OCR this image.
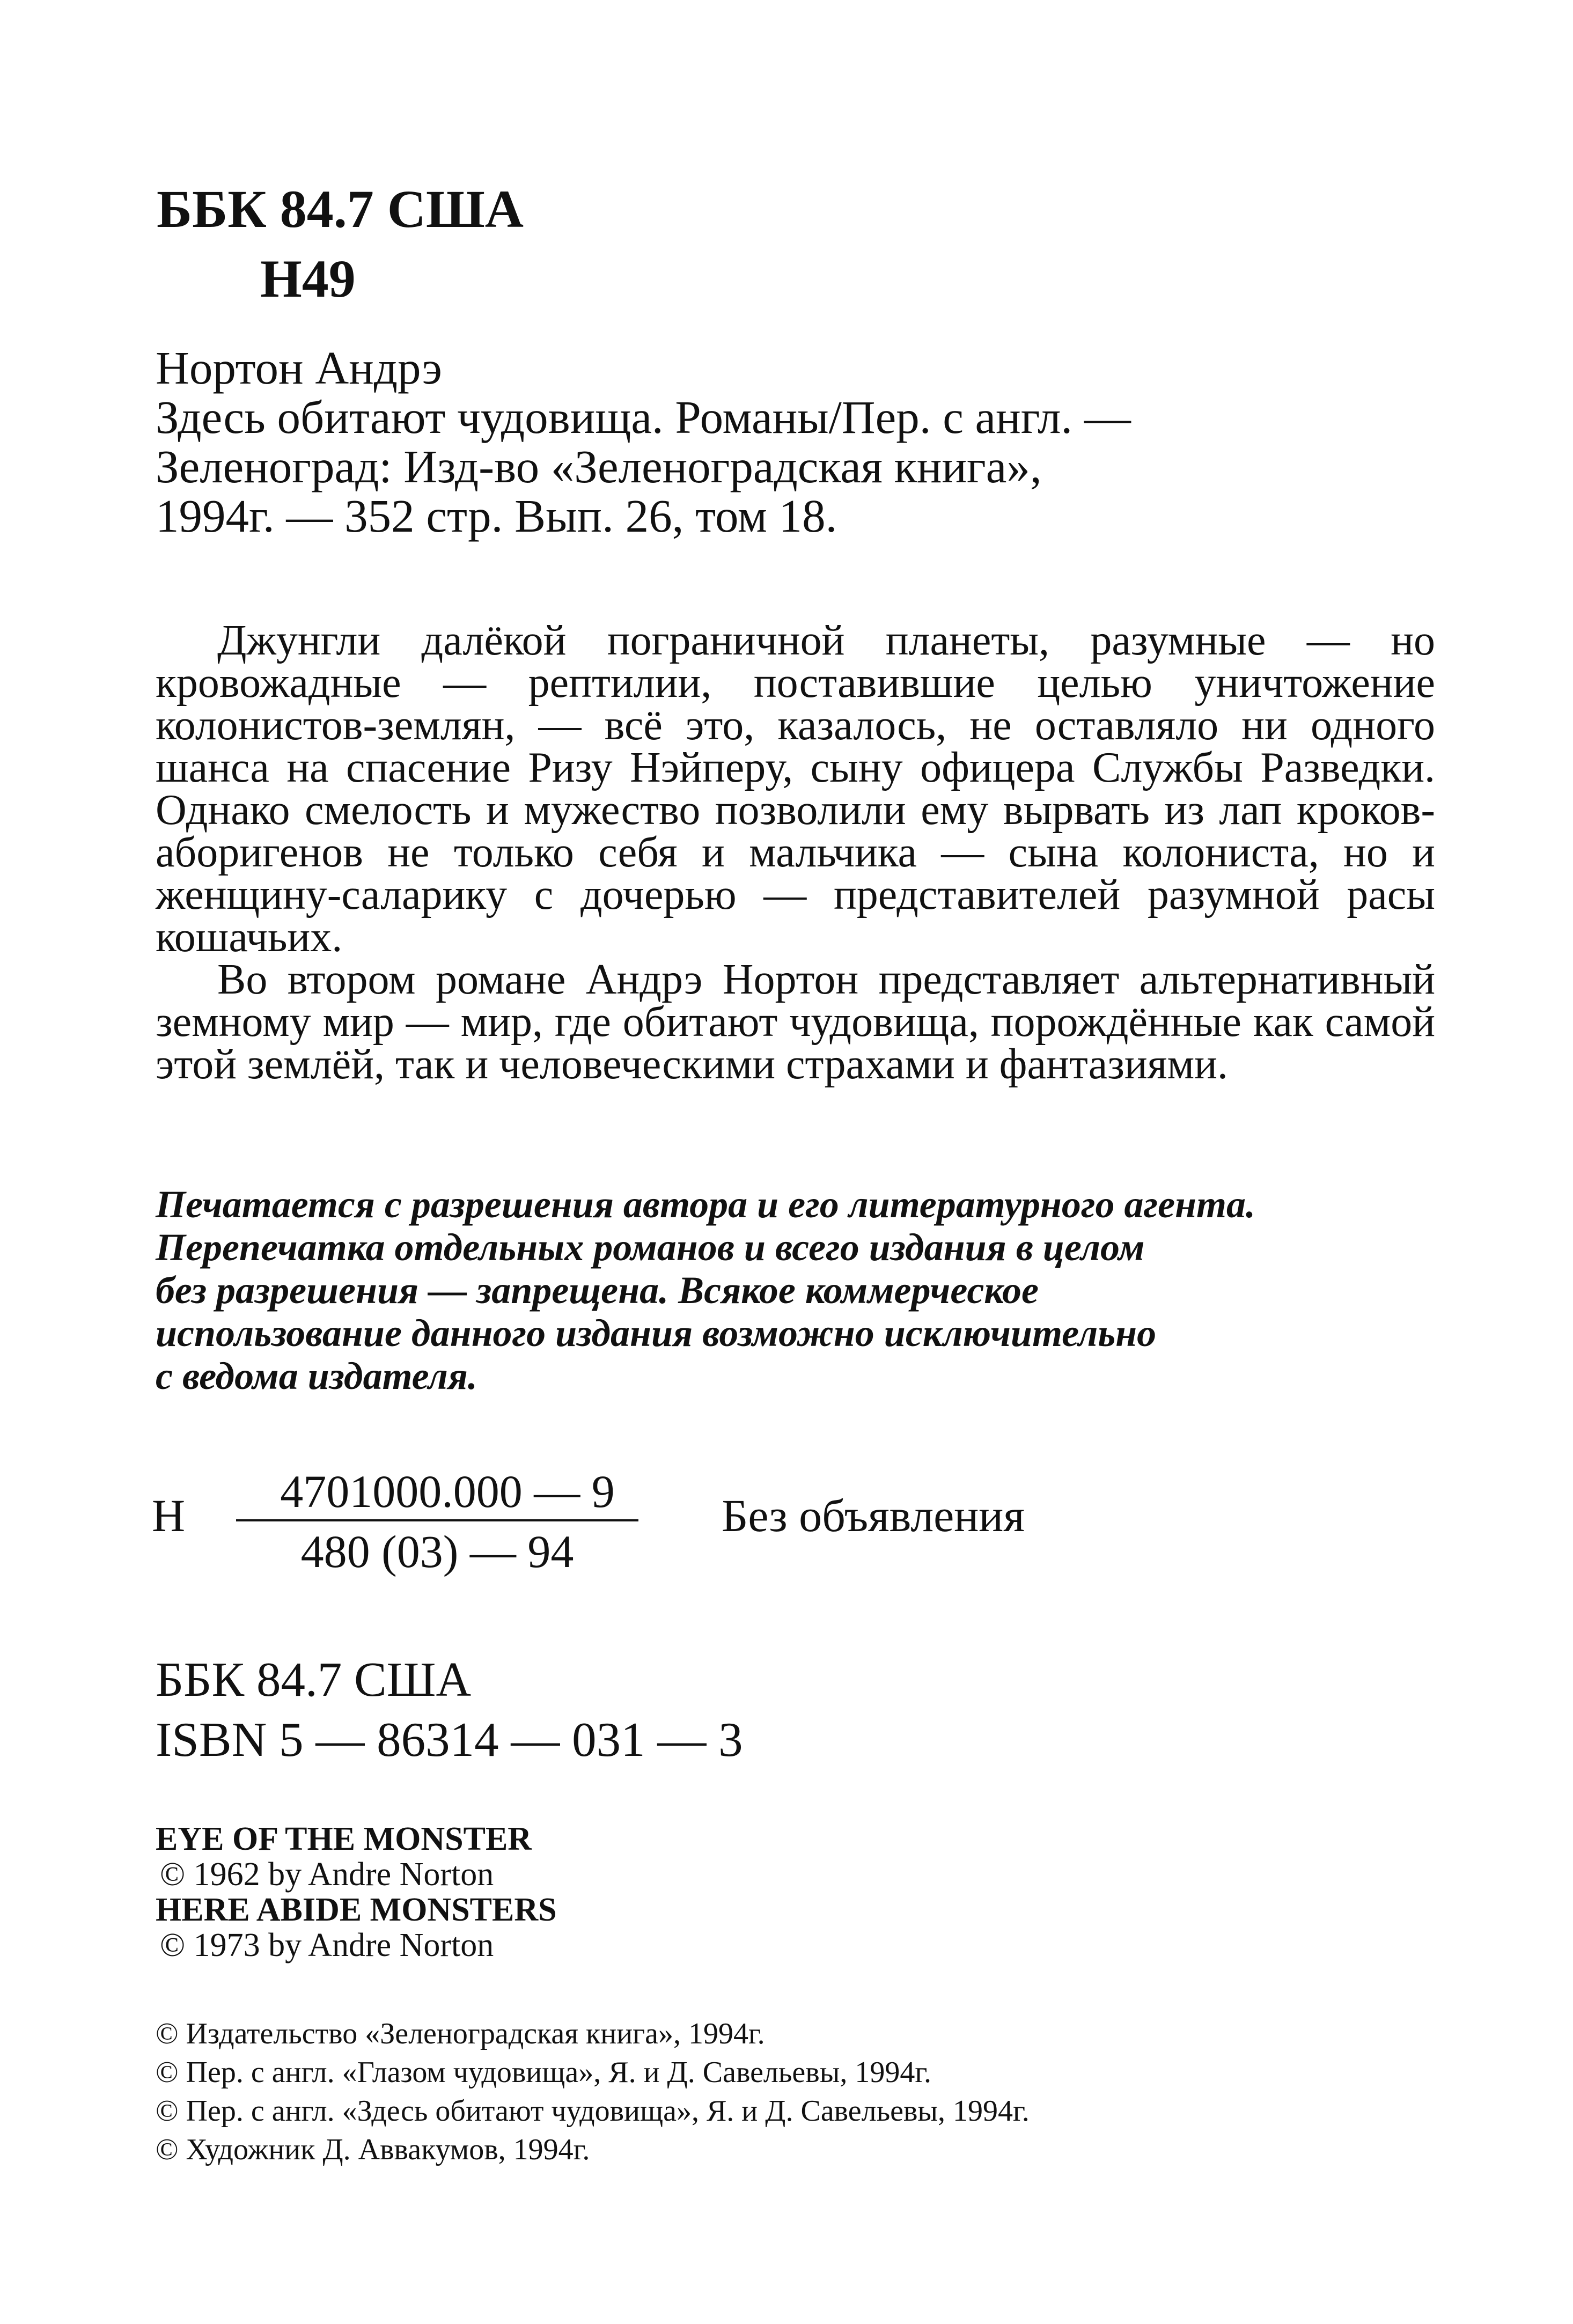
ББК 84.7 США
Н49
Нортон Андрэ
Здесь обитают чудовища. Романы/Пер. с англ. —
Зеленоград: Изд-во «Зеленоградская книга»,
1994г. — 352 стр. Вып. 26, том 18.

Джунгли далёкой пограничной планеты, разумные — но кровожадные — рептилии, поставившие целью уничтожение колонистов-землян, — всё это, казалось, не оставляло ни одного шанса на спасение Ризу Нэйперу, сыну офицера Службы Разведки. Однако смелость и мужество позволили ему вырвать из лап кроков-аборигенов не только себя и мальчика — сына колониста, но и женщину-саларику с дочерью — представителей разумной расы кошачьих.

Во втором романе Андрэ Нортон представляет альтернативный земному мир — мир, где обитают чудовища, порождённые как самой этой землёй, так и человеческими страхами и фантазиями.

Печатается с разрешения автора и его литературного агента.
Перепечатка отдельных романов и всего издания в целом
без разрешения — запрещена. Всякое коммерческое
использование данного издания возможно исключительно
с ведома издателя.
Н $\frac{4701000.000 — 9}{480 (03) — 94}$ Без объявления
ББК 84.7 США
ISBN 5 — 86314 — 031 — 3
EYE OF THE MONSTER
© 1962 by Andre Norton
HERE ABIDE MONSTERS
© 1973 by Andre Norton
© Издательство «Зеленоградская книга», 1994г.
© Пер. с англ. «Глазом чудовища», Я. и Д. Савельевы, 1994г.
© Пер. с англ. «Здесь обитают чудовища», Я. и Д. Савельевы, 1994г.
© Художник Д. Аввакумов, 1994г.
